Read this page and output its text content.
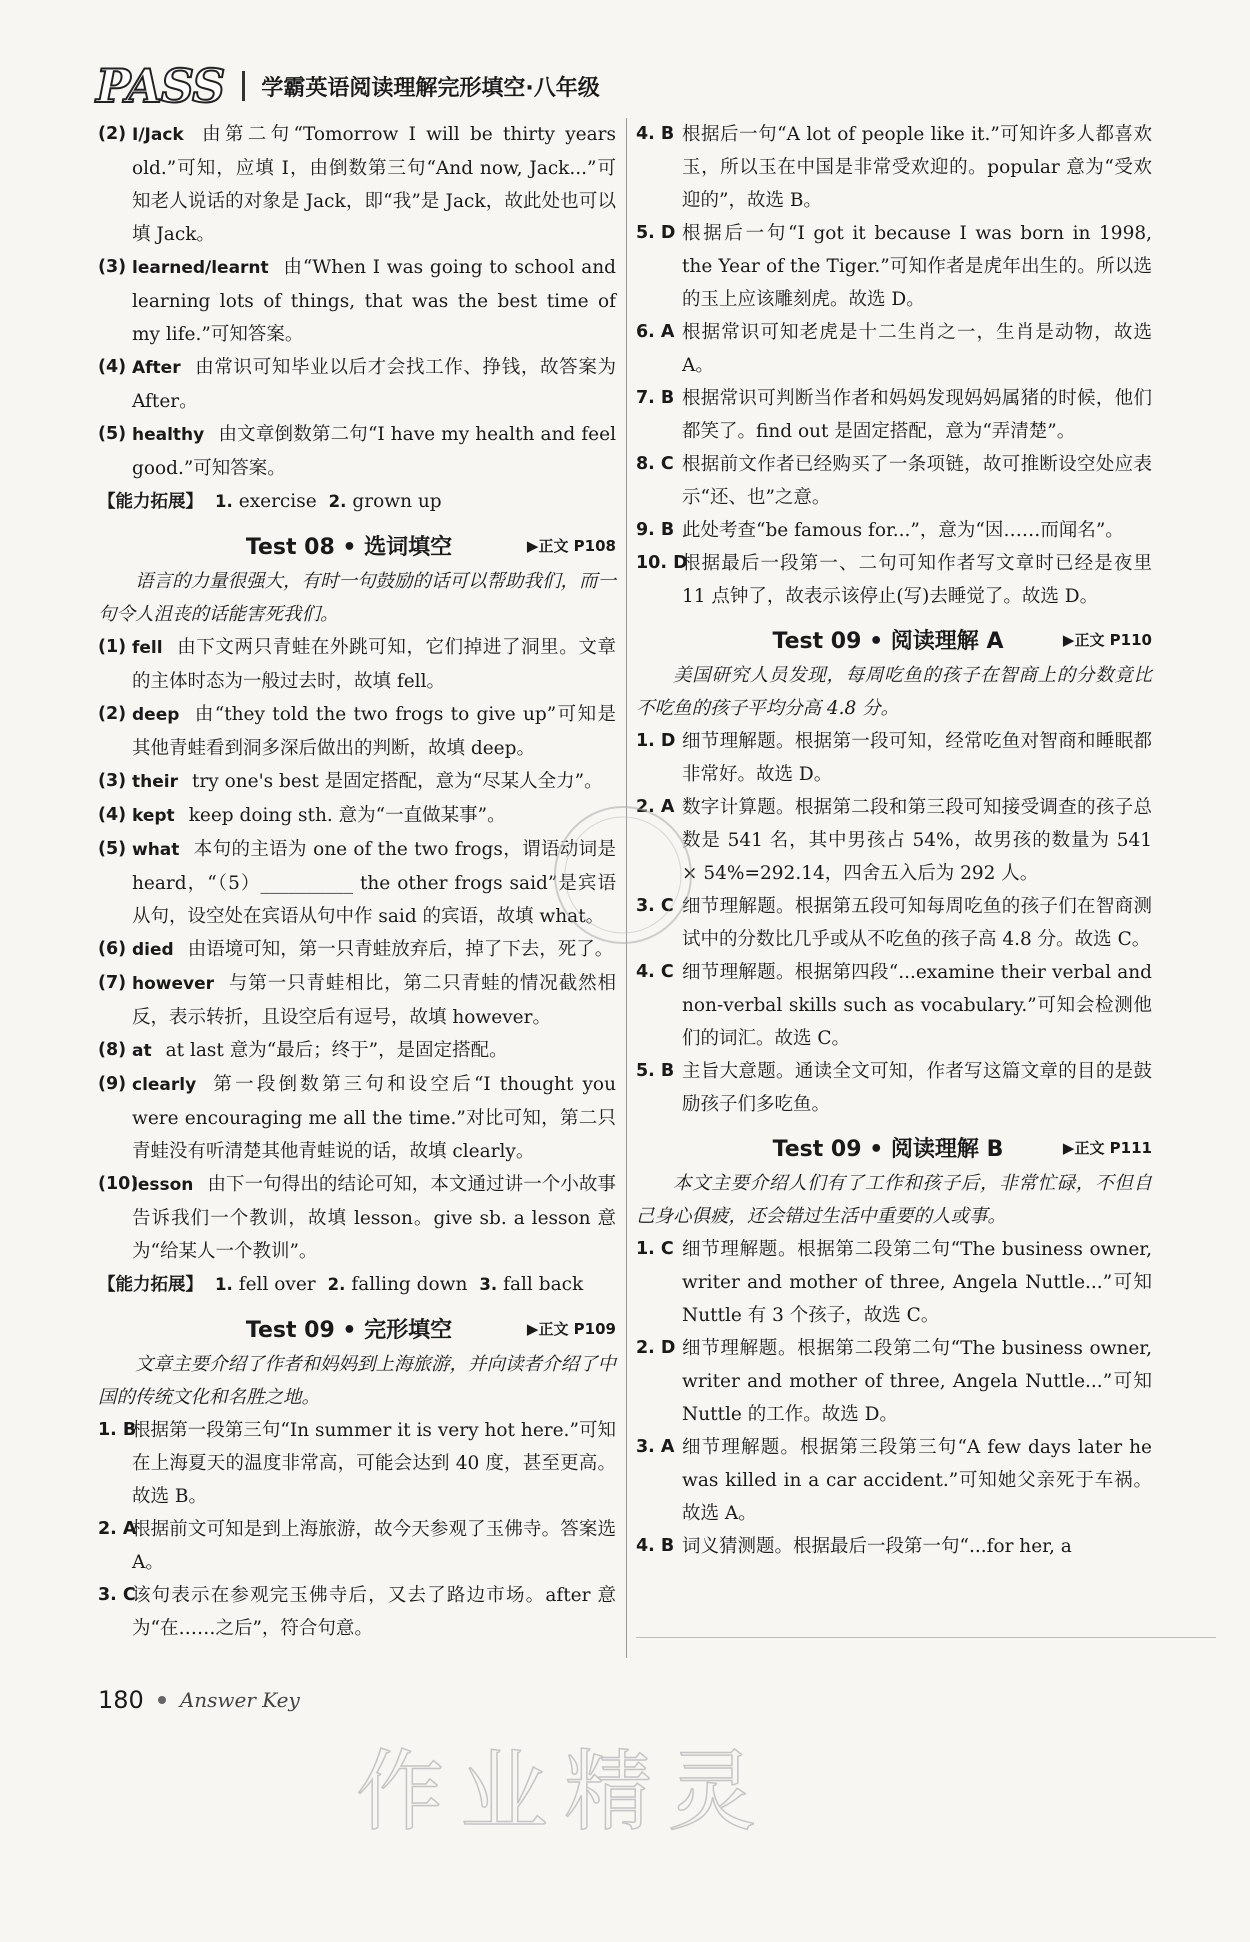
PASS 学霸英语阅读理解完形填空·八年级
(2) I/Jack 由第二句“Tomorrow I will be thirty years old.”可知，应填 I，由倒数第三句“And now, Jack...”可知老人说话的对象是 Jack，即“我”是 Jack，故此处也可以填 Jack。
(3) learned/learnt 由“When I was going to school and learning lots of things, that was the best time of my life.”可知答案。
(4) After 由常识可知毕业以后才会找工作、挣钱，故答案为 After。
(5) healthy 由文章倒数第二句“I have my health and feel good.”可知答案。
【能力拓展】 1. exercise 2. grown up
Test 08 • 选词填空	▶正文 P108

语言的力量很强大，有时一句鼓励的话可以帮助我们，而一句令人沮丧的话能害死我们。

(1) fell 由下文两只青蛙在外跳可知，它们掉进了洞里。文章的主体时态为一般过去时，故填 fell。
(2) deep 由“they told the two frogs to give up”可知是其他青蛙看到洞多深后做出的判断，故填 deep。
(3) their try one's best 是固定搭配，意为“尽某人全力”。
(4) kept keep doing sth. 意为“一直做某事”。
(5) what 本句的主语为 one of the two frogs，谓语动词是 heard，“（5）__________ the other frogs said”是宾语从句，设空处在宾语从句中作 said 的宾语，故填 what。
(6) died 由语境可知，第一只青蛙放弃后，掉了下去，死了。
(7) however 与第一只青蛙相比，第二只青蛙的情况截然相反，表示转折，且设空后有逗号，故填 however。
(8) at at last 意为“最后；终于”，是固定搭配。
(9) clearly 第一段倒数第三句和设空后“I thought you were encouraging me all the time.”对比可知，第二只青蛙没有听清楚其他青蛙说的话，故填 clearly。
(10)
lesson 由下一句得出的结论可知，本文通过讲一个小故事告诉我们一个教训，故填 lesson。give sb. a lesson 意为“给某人一个教训”。
【能力拓展】 1. fell over 2. falling down 3. fall back
Test 09 • 完形填空	▶正文 P109

文章主要介绍了作者和妈妈到上海旅游，并向读者介绍了中国的传统文化和名胜之地。

1. B
根据第一段第三句“In summer it is very hot here.”可知在上海夏天的温度非常高，可能会达到 40 度，甚至更高。故选 B。
2. A
根据前文可知是到上海旅游，故今天参观了玉佛寺。答案选 A。
3. C
该句表示在参观完玉佛寺后，又去了路边市场。after 意为“在……之后”，符合句意。
4. B 根据后一句“A lot of people like it.”可知许多人都喜欢玉，所以玉在中国是非常受欢迎的。popular 意为“受欢迎的”，故选 B。
5. D 根据后一句“I got it because I was born in 1998, the Year of the Tiger.”可知作者是虎年出生的。所以选的玉上应该雕刻虎。故选 D。
6. A 根据常识可知老虎是十二生肖之一，生肖是动物，故选 A。
7. B 根据常识可判断当作者和妈妈发现妈妈属猪的时候，他们都笑了。find out 是固定搭配，意为“弄清楚”。
8. C 根据前文作者已经购买了一条项链，故可推断设空处应表示“还、也”之意。
9. B 此处考查“be famous for...”，意为“因……而闻名”。
10. D
根据最后一段第一、二句可知作者写文章时已经是夜里 11 点钟了，故表示该停止(写)去睡觉了。故选 D。
Test 09 • 阅读理解 A	▶正文 P110

美国研究人员发现，每周吃鱼的孩子在智商上的分数竟比不吃鱼的孩子平均分高 4.8 分。

1. D 细节理解题。根据第一段可知，经常吃鱼对智商和睡眠都非常好。故选 D。
2. A 数字计算题。根据第二段和第三段可知接受调查的孩子总数是 541 名，其中男孩占 54%，故男孩的数量为 541 × 54%=292.14，四舍五入后为 292 人。
3. C 细节理解题。根据第五段可知每周吃鱼的孩子们在智商测试中的分数比几乎或从不吃鱼的孩子高 4.8 分。故选 C。
4. C 细节理解题。根据第四段“...examine their verbal and non-verbal skills such as vocabulary.”可知会检测他们的词汇。故选 C。
5. B 主旨大意题。通读全文可知，作者写这篇文章的目的是鼓励孩子们多吃鱼。
Test 09 • 阅读理解 B	▶正文 P111

本文主要介绍人们有了工作和孩子后，非常忙碌，不但自己身心俱疲，还会错过生活中重要的人或事。

1. C 细节理解题。根据第二段第二句“The business owner, writer and mother of three, Angela Nuttle...”可知 Nuttle 有 3 个孩子，故选 C。
2. D 细节理解题。根据第二段第二句“The business owner, writer and mother of three, Angela Nuttle...”可知 Nuttle 的工作。故选 D。
3. A 细节理解题。根据第三段第三句“A few days later he was killed in a car accident.”可知她父亲死于车祸。故选 A。
4. B 词义猜测题。根据最后一段第一句“...for her, a
作业精灵
180 Answer Key
